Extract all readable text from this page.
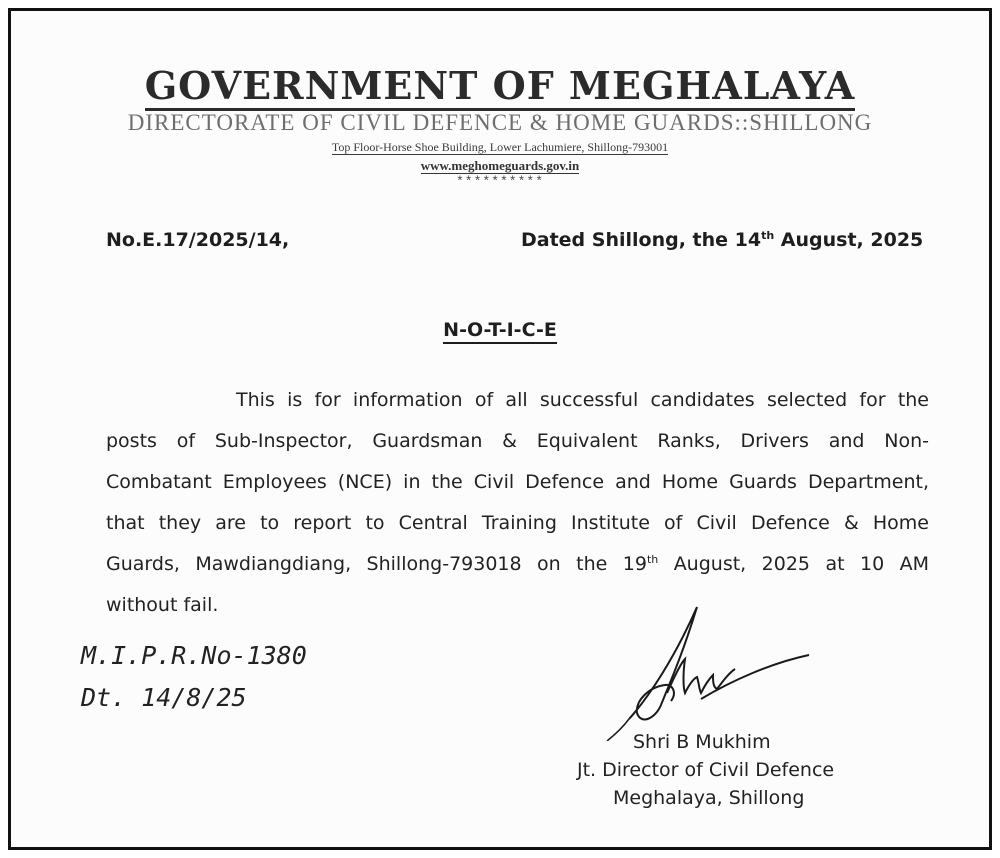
GOVERNMENT OF MEGHALAYA
DIRECTORATE OF CIVIL DEFENCE & HOME GUARDS::SHILLONG
Top Floor-Horse Shoe Building, Lower Lachumiere, Shillong-793001
www.meghomeguards.gov.in
**********
No.E.17/2025/14,	Dated Shillong, the 14th August, 2025
N-O-T-I-C-E
This is for information of all successful candidates selected for the
posts of Sub-Inspector, Guardsman & Equivalent Ranks, Drivers and Non-
Combatant Employees (NCE) in the Civil Defence and Home Guards Department,
that they are to report to Central Training Institute of Civil Defence & Home
Guards, Mawdiangdiang, Shillong-793018 on the 19th August, 2025 at 10 AM
without fail.
M.I.P.R.No-1380
Dt. 14/8/25
Shri B Mukhim
Jt. Director of Civil Defence
Meghalaya, Shillong
